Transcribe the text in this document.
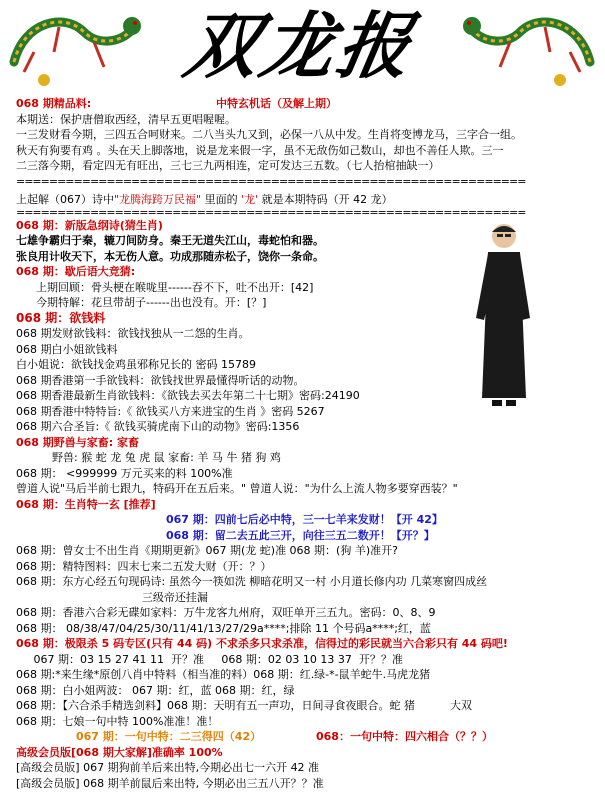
双龙报
068 期精品料:	中特玄机话（及解上期）
本期送：保护唐僧取西经，清早五更唱喔喔。
一三发财看今期，三四五合呵财来。二八当头九又到，必保一八从中发。生肖将变博龙马，三字合一组。
秋天有狗要有鸡 。头在天上脚落地，说是龙来假一字，虽不无敌伤如己数山，却也不善任人欺。三一
二三落今期，看定四无有旺出，三七三九两相连，定可发达三五数。（七人抬棺抽缺一）
==============================================================
上起解（067）诗中"龙腾海跨万民福" 里面的 '龙' 就是本期特码（开 42 龙）
==============================================================
068 期：新版急纲诗(猜生肖)
七雄争霸归于秦，辘刀间防身。秦王无道失江山，毒蛇怕和器。
张良用计收天下，本无伤人意。功成那随赤松子，饶你一条命。
068 期：歇后语大竞猜:
上期回顾：骨头梗在喉咙里------吞不下，吐不出开：[42]
今期特解：花旦带胡子------出也没有。开：[？]
068 期：欲钱料
068 期发财欲钱料：欲钱找独从一二怨的生肖。
068 期白小姐欲钱料
白小姐说：欲钱找金鸡虽邪称兄长的 密码 15789
068 期香港第一手欲钱料：欲钱找世界最懂得听话的动物。
068 期香港最新生肖欲钱料：《欲钱去买去年第二十七期》密码:24190
068 期香港中特特旨:《 欲钱买八方来进宝的生肖 》密码 5267
068 期六合圣旨:《 欲钱买骑虎南下山的动物》密码:1356
068 期野兽与家畜: 家畜
野兽: 猴 蛇 龙 兔 虎 鼠 家畜: 羊 马 牛 猪 狗 鸡
068 期： <999999 万元买来的料 100%准
曾道人说"马后半前七跟九，特码开在五后来。" 曾道人说："为什么上流人物多要穿西装？"
068 期：生肖特一玄 [推荐]
067 期：四前七后必中特，三一七羊来发财！【开 42】
068 期：留二去五此三开，向往三五二数开！【开？】
068 期：曾女士不出生肖《期期更新》067 期(龙 蛇)准 068 期：(狗 羊)准开?
068 期：精特图料：四末七来二五发大财（开：？）
068 期：东方心经五句现码诗: 虽然今一筷如洗 柳暗花明又一村 小月道长修内功 几菜寒窗四成丝
三级帝还挂漏
068 期：香港六合彩无碟如家料：万牛龙客九州府，双旺单开三五九。密码：0、8、9
068 期： 08/38/47/04/25/30/11/41/13/27/29a****;排除 11 个号码a****;红，蓝
068 期：极限杀 5 码专区(只有 44 码) 不求杀多只求杀准，信得过的彩民就当六合彩只有 44 码吧!
067 期：03 15 27 41 11  开？准     068 期：02 03 10 13 37  开？？准
068 期:*来生缘*原创八肖中特料（相当准的料）068 期：红.绿-*-鼠羊蛇牛.马虎龙猪
068 期：白小姐两波： 067 期：红，蓝 068 期：红，绿
068 期：【六合杀手精选剑料】068 期：天明有五一声功，日间寻食夜眼合。蛇 猪          大双
068 期：七娘一句中特 100%准准！准！
067 期：一句中特：二三得四（42）	068：一句中特：四六相合（？？）
高级会员版[068 期大家解]准确率 100%
[高级会员版] 067 期狗前羊后来出特,今期必出七一六开 42 准
[高级会员版] 068 期羊前鼠后来出特, 今期必出三五八开？？准
